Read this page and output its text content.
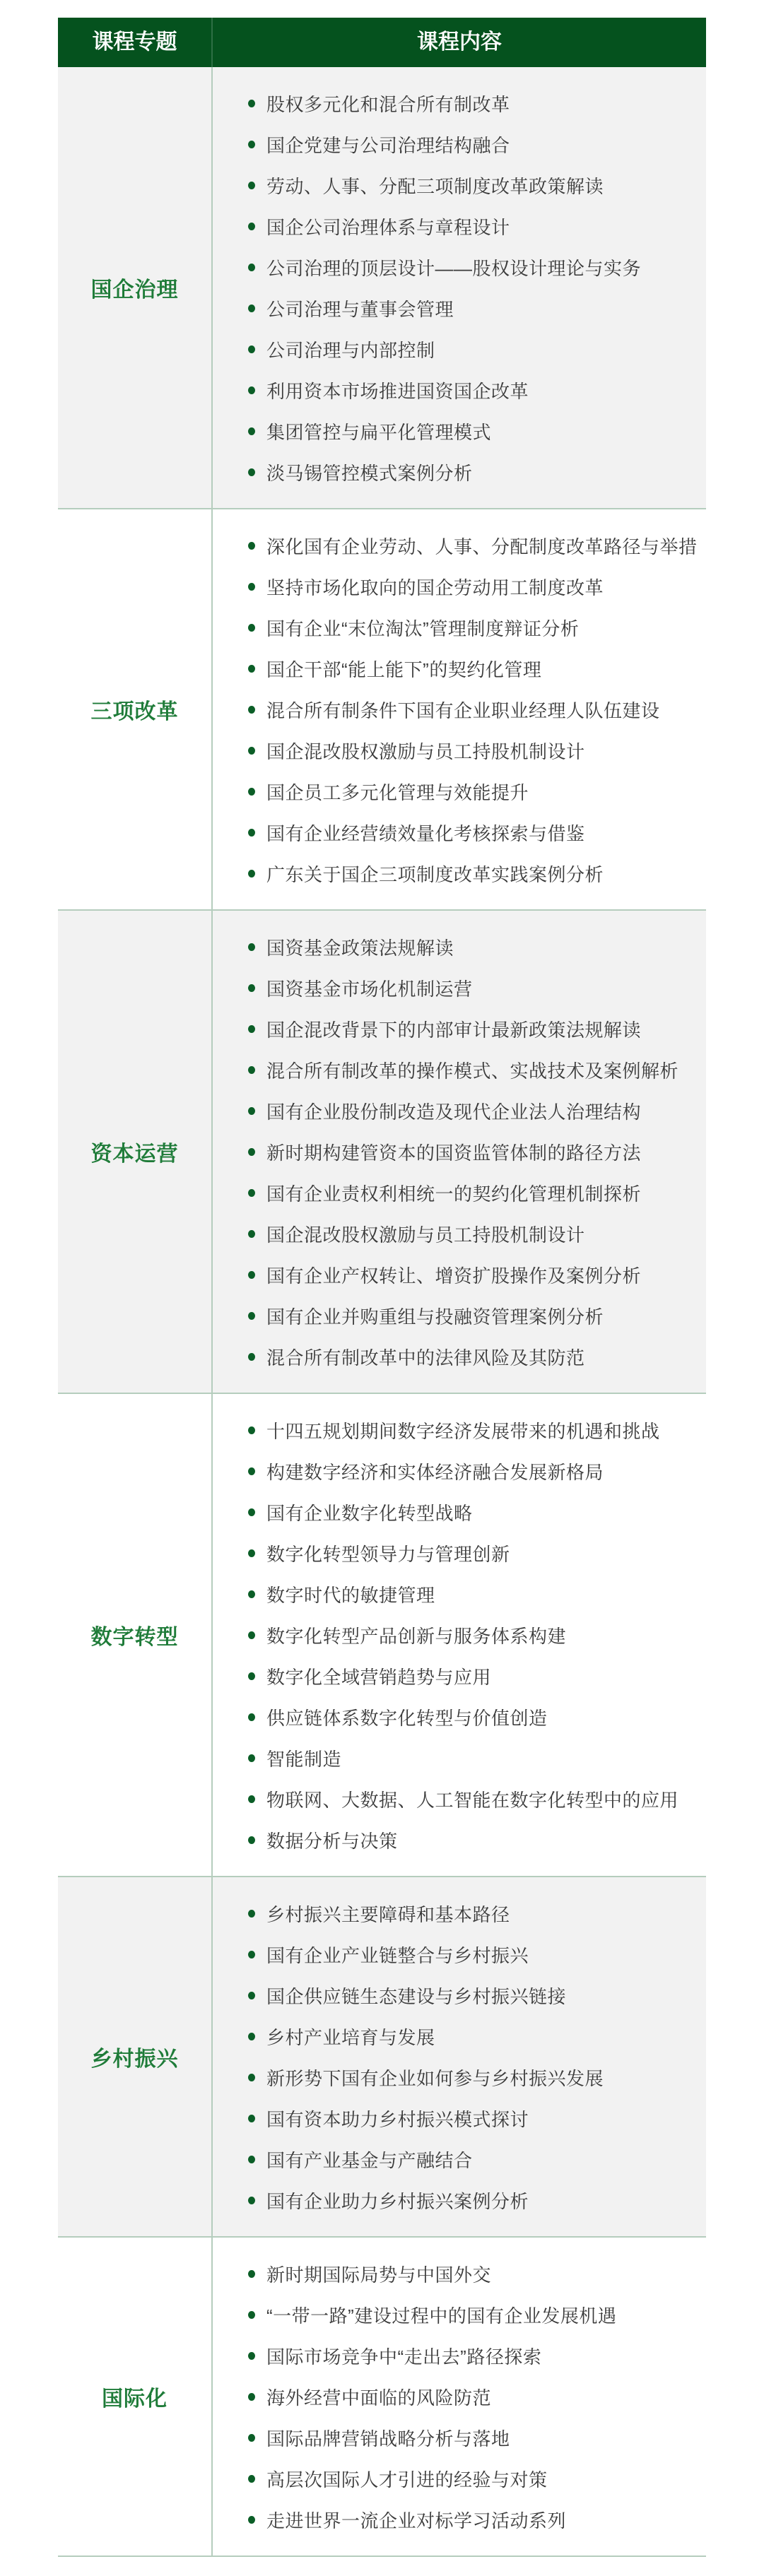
课程专题	课程内容
国企治理
股权多元化和混合所有制改革
国企党建与公司治理结构融合
劳动、人事、分配三项制度改革政策解读
国企公司治理体系与章程设计
公司治理的顶层设计——股权设计理论与实务
公司治理与董事会管理
公司治理与内部控制
利用资本市场推进国资国企改革
集团管控与扁平化管理模式
淡马锡管控模式案例分析
三项改革
深化国有企业劳动、人事、分配制度改革路径与举措
坚持市场化取向的国企劳动用工制度改革
国有企业“末位淘汰”管理制度辩证分析
国企干部“能上能下”的契约化管理
混合所有制条件下国有企业职业经理人队伍建设
国企混改股权激励与员工持股机制设计
国企员工多元化管理与效能提升
国有企业经营绩效量化考核探索与借鉴
广东关于国企三项制度改革实践案例分析
资本运营
国资基金政策法规解读
国资基金市场化机制运营
国企混改背景下的内部审计最新政策法规解读
混合所有制改革的操作模式、实战技术及案例解析
国有企业股份制改造及现代企业法人治理结构
新时期构建管资本的国资监管体制的路径方法
国有企业责权利相统一的契约化管理机制探析
国企混改股权激励与员工持股机制设计
国有企业产权转让、增资扩股操作及案例分析
国有企业并购重组与投融资管理案例分析
混合所有制改革中的法律风险及其防范
数字转型
十四五规划期间数字经济发展带来的机遇和挑战
构建数字经济和实体经济融合发展新格局
国有企业数字化转型战略
数字化转型领导力与管理创新
数字时代的敏捷管理
数字化转型产品创新与服务体系构建
数字化全域营销趋势与应用
供应链体系数字化转型与价值创造
智能制造
物联网、大数据、人工智能在数字化转型中的应用
数据分析与决策
乡村振兴
乡村振兴主要障碍和基本路径
国有企业产业链整合与乡村振兴
国企供应链生态建设与乡村振兴链接
乡村产业培育与发展
新形势下国有企业如何参与乡村振兴发展
国有资本助力乡村振兴模式探讨
国有产业基金与产融结合
国有企业助力乡村振兴案例分析
国际化
新时期国际局势与中国外交
“一带一路”建设过程中的国有企业发展机遇
国际市场竞争中“走出去”路径探索
海外经营中面临的风险防范
国际品牌营销战略分析与落地
高层次国际人才引进的经验与对策
走进世界一流企业对标学习活动系列
